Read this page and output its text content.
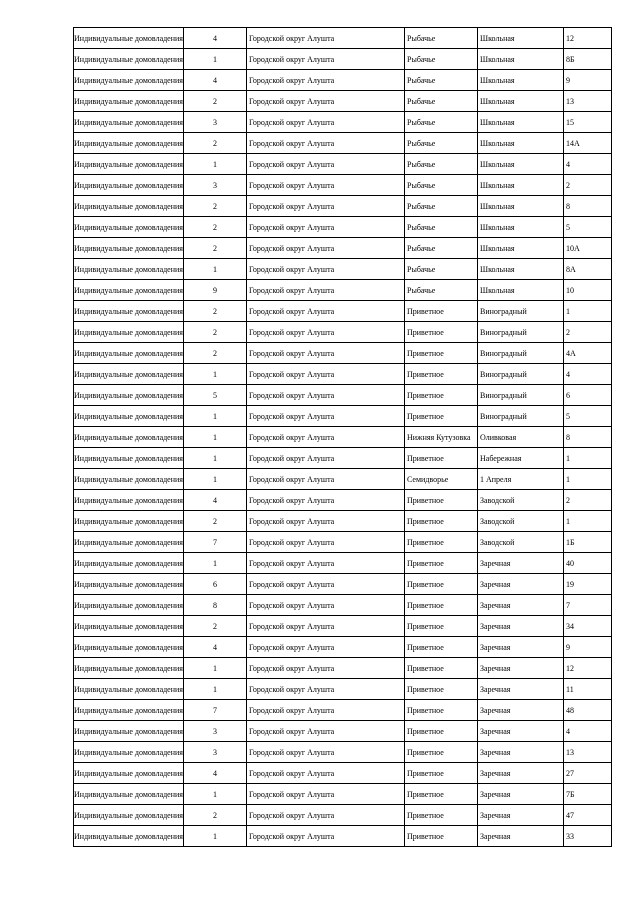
Индивидуальные домовладения	4	Городской округ Алушта	Рыбачье	Школьная	12
Индивидуальные домовладения	1	Городской округ Алушта	Рыбачье	Школьная	8Б
Индивидуальные домовладения	4	Городской округ Алушта	Рыбачье	Школьная	9
Индивидуальные домовладения	2	Городской округ Алушта	Рыбачье	Школьная	13
Индивидуальные домовладения	3	Городской округ Алушта	Рыбачье	Школьная	15
Индивидуальные домовладения	2	Городской округ Алушта	Рыбачье	Школьная	14А
Индивидуальные домовладения	1	Городской округ Алушта	Рыбачье	Школьная	4
Индивидуальные домовладения	3	Городской округ Алушта	Рыбачье	Школьная	2
Индивидуальные домовладения	2	Городской округ Алушта	Рыбачье	Школьная	8
Индивидуальные домовладения	2	Городской округ Алушта	Рыбачье	Школьная	5
Индивидуальные домовладения	2	Городской округ Алушта	Рыбачье	Школьная	10А
Индивидуальные домовладения	1	Городской округ Алушта	Рыбачье	Школьная	8А
Индивидуальные домовладения	9	Городской округ Алушта	Рыбачье	Школьная	10
Индивидуальные домовладения	2	Городской округ Алушта	Приветное	Виноградный	1
Индивидуальные домовладения	2	Городской округ Алушта	Приветное	Виноградный	2
Индивидуальные домовладения	2	Городской округ Алушта	Приветное	Виноградный	4А
Индивидуальные домовладения	1	Городской округ Алушта	Приветное	Виноградный	4
Индивидуальные домовладения	5	Городской округ Алушта	Приветное	Виноградный	6
Индивидуальные домовладения	1	Городской округ Алушта	Приветное	Виноградный	5
Индивидуальные домовладения	1	Городской округ Алушта	Нижняя Кутузовка	Оливковая	8
Индивидуальные домовладения	1	Городской округ Алушта	Приветное	Набережная	1
Индивидуальные домовладения	1	Городской округ Алушта	Семидворье	1 Апреля	1
Индивидуальные домовладения	4	Городской округ Алушта	Приветное	Заводской	2
Индивидуальные домовладения	2	Городской округ Алушта	Приветное	Заводской	1
Индивидуальные домовладения	7	Городской округ Алушта	Приветное	Заводской	1Б
Индивидуальные домовладения	1	Городской округ Алушта	Приветное	Заречная	40
Индивидуальные домовладения	6	Городской округ Алушта	Приветное	Заречная	19
Индивидуальные домовладения	8	Городской округ Алушта	Приветное	Заречная	7
Индивидуальные домовладения	2	Городской округ Алушта	Приветное	Заречная	34
Индивидуальные домовладения	4	Городской округ Алушта	Приветное	Заречная	9
Индивидуальные домовладения	1	Городской округ Алушта	Приветное	Заречная	12
Индивидуальные домовладения	1	Городской округ Алушта	Приветное	Заречная	11
Индивидуальные домовладения	7	Городской округ Алушта	Приветное	Заречная	48
Индивидуальные домовладения	3	Городской округ Алушта	Приветное	Заречная	4
Индивидуальные домовладения	3	Городской округ Алушта	Приветное	Заречная	13
Индивидуальные домовладения	4	Городской округ Алушта	Приветное	Заречная	27
Индивидуальные домовладения	1	Городской округ Алушта	Приветное	Заречная	7Б
Индивидуальные домовладения	2	Городской округ Алушта	Приветное	Заречная	47
Индивидуальные домовладения	1	Городской округ Алушта	Приветное	Заречная	33
